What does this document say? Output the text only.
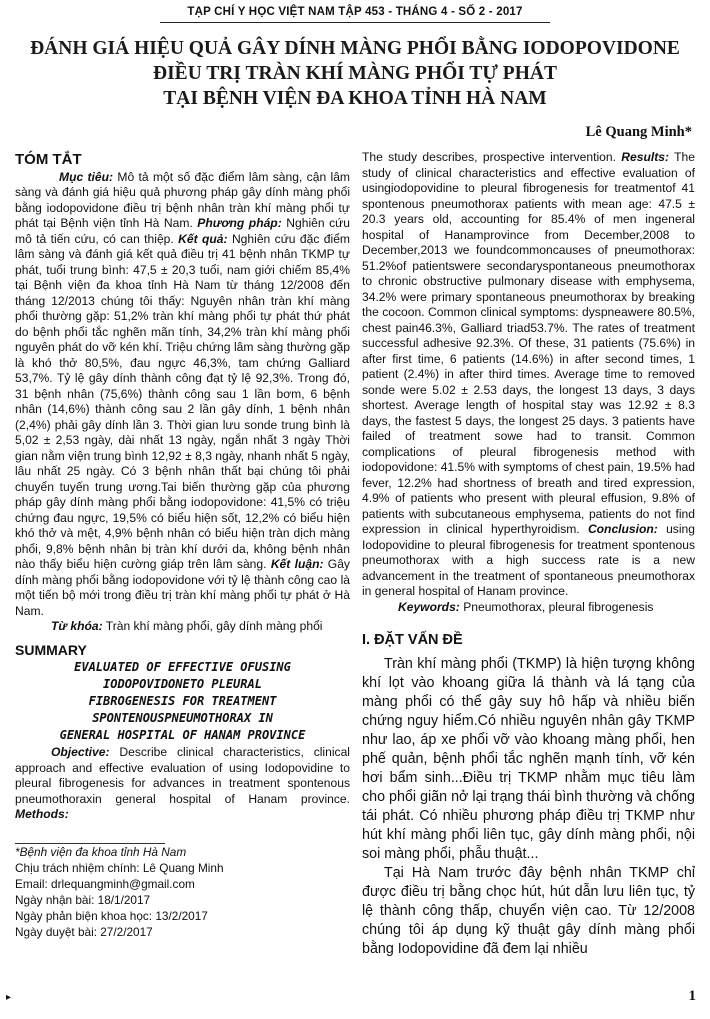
TẠP CHÍ Y HỌC VIỆT NAM TẬP 453 - THÁNG 4 - SỐ 2 - 2017
ĐÁNH GIÁ HIỆU QUẢ GÂY DÍNH MÀNG PHỔI BẰNG IODOPOVIDONE
ĐIỀU TRỊ TRÀN KHÍ MÀNG PHỔI TỰ PHÁT
TẠI BỆNH VIỆN ĐA KHOA TỈNH HÀ NAM
Lê Quang Minh*
TÓM TẮT

Mục tiêu: Mô tả một số đặc điểm lâm sàng, cận lâm sàng và đánh giá hiệu quả phương pháp gây dính màng phổi bằng iodopovidone điều trị bệnh nhân tràn khí màng phổi tự phát tại Bệnh viện tỉnh Hà Nam. Phương pháp: Nghiên cứu mô tả tiến cứu, có can thiệp. Kết quả: Nghiên cứu đặc điểm lâm sàng và đánh giá kết quả điều trị 41 bệnh nhân TKMP tự phát, tuổi trung bình: 47,5 ± 20,3 tuổi, nam giới chiếm 85,4% tại Bệnh viện đa khoa tỉnh Hà Nam từ tháng 12/2008 đến tháng 12/2013 chúng tôi thấy: Nguyên nhân tràn khí màng phổi thường gặp: 51,2% tràn khí màng phổi tự phát thứ phát do bệnh phổi tắc nghẽn mãn tính, 34,2% tràn khí màng phổi nguyên phát do vỡ kén khí. Triệu chứng lâm sàng thường gặp là khó thở 80,5%, đau ngực 46,3%, tam chứng Galliard 53,7%. Tỷ lệ gây dính thành công đạt tỷ lệ 92,3%. Trong đó, 31 bệnh nhân (75,6%) thành công sau 1 lần bơm, 6 bệnh nhân (14,6%) thành công sau 2 lần gây dính, 1 bệnh nhân (2,4%) phải gây dính lần 3. Thời gian lưu sonde trung bình là 5,02 ± 2,53 ngày, dài nhất 13 ngày, ngắn nhất 3 ngày Thời gian nằm viện trung bình 12,92 ± 8,3 ngày, nhanh nhất 5 ngày, lâu nhất 25 ngày. Có 3 bệnh nhân thất bại chúng tôi phải chuyển tuyến trung ương.Tai biến thường gặp của phương pháp gây dính màng phổi bằng iodopovidone: 41,5% có triệu chứng đau ngực, 19,5% có biểu hiện sốt, 12,2% có biểu hiện khó thở và mệt, 4,9% bệnh nhân có biểu hiện tràn dịch màng phổi, 9,8% bệnh nhân bị tràn khí dưới da, không bệnh nhân nào thấy biểu hiện cường giáp trên lâm sàng. Kết luận: Gây dính màng phổi bằng iodopovidone với tỷ lệ thành công cao là một tiến bộ mới trong điều trị tràn khí màng phổi tự phát ở Hà Nam.

Từ khóa: Tràn khí màng phổi, gây dính màng phổi

SUMMARY
EVALUATED OF EFFECTIVE OFUSING
IODOPOVIDONETO PLEURAL
FIBROGENESIS FOR TREATMENT
SPONTENOUSPNEUMOTHORAX IN
GENERAL HOSPITAL OF HANAM PROVINCE

Objective: Describe clinical characteristics, clinical approach and effective evaluation of using Iodopovidine to pleural fibrogenesis for advances in treatment spontenous pneumothoraxin general hospital of Hanam province. Methods:

*Bệnh viện đa khoa tỉnh Hà Nam
Chịu trách nhiệm chính: Lê Quang Minh
Email: drlequangminh@gmail.com
Ngày nhận bài: 18/1/2017
Ngày phản biện khoa học: 13/2/2017
Ngày duyệt bài: 27/2/2017

The study describes, prospective intervention. Results: The study of clinical characteristics and effective evaluation of usingiodopovidine to pleural fibrogenesis for treatmentof 41 spontenous pneumothorax patients with mean age: 47.5 ± 20.3 years old, accounting for 85.4% of men ingeneral hospital of Hanamprovince from December,2008 to December,2013 we foundcommoncauses of pneumothorax: 51.2%of patientswere secondaryspontaneous pneumothorax to chronic obstructive pulmonary disease with emphysema, 34.2% were primary spontaneous pneumothorax by breaking the cocoon. Common clinical symptoms: dyspneawere 80.5%, chest pain46.3%, Galliard triad53.7%. The rates of treatment successful adhesive 92.3%. Of these, 31 patients (75.6%) in after first time, 6 patients (14.6%) in after second times, 1 patient (2.4%) in after third times. Average time to removed sonde were 5.02 ± 2.53 days, the longest 13 days, 3 days shortest. Average length of hospital stay was 12.92 ± 8.3 days, the fastest 5 days, the longest 25 days. 3 patients have failed of treatment sowe had to transit. Common complications of pleural fibrogenesis method with iodopovidone: 41.5% with symptoms of chest pain, 19.5% had fever, 12.2% had shortness of breath and tired expression, 4.9% of patients who present with pleural effusion, 9.8% of patients with subcutaneous emphysema, patients do not find expression in clinical hyperthyroidism. Conclusion: using Iodopovidine to pleural fibrogenesis for treatment spontenous pneumothorax with a high success rate is a new advancement in the treatment of spontaneous pneumothorax in general hospital of Hanam province.

Keywords: Pneumothorax, pleural fibrogenesis

I. ĐẶT VẤN ĐỀ

Tràn khí màng phổi (TKMP) là hiện tượng không khí lọt vào khoang giữa lá thành và lá tạng của màng phổi có thể gây suy hô hấp và nhiều biến chứng nguy hiểm.Có nhiều nguyên nhân gây TKMP như lao, áp xe phổi vỡ vào khoang màng phổi, hen phế quản, bệnh phổi tắc nghẽn mạnh tính, vỡ kén hơi bẩm sinh...Điều trị TKMP nhằm mục tiêu làm cho phổi giãn nở lại trạng thái bình thường và chống tái phát. Có nhiều phương pháp điều trị TKMP như hút khí màng phổi liên tục, gây dính màng phổi, nội soi màng phổi, phẫu thuật...

Tại Hà Nam trước đây bệnh nhân TKMP chỉ được điều trị bằng chọc hút, hút dẫn lưu liên tục, tỷ lệ thành công thấp, chuyển viện cao. Từ 12/2008 chúng tôi áp dụng kỹ thuật gây dính màng phổi bằng Iodopovidine đã đem lại nhiều

▸	1
